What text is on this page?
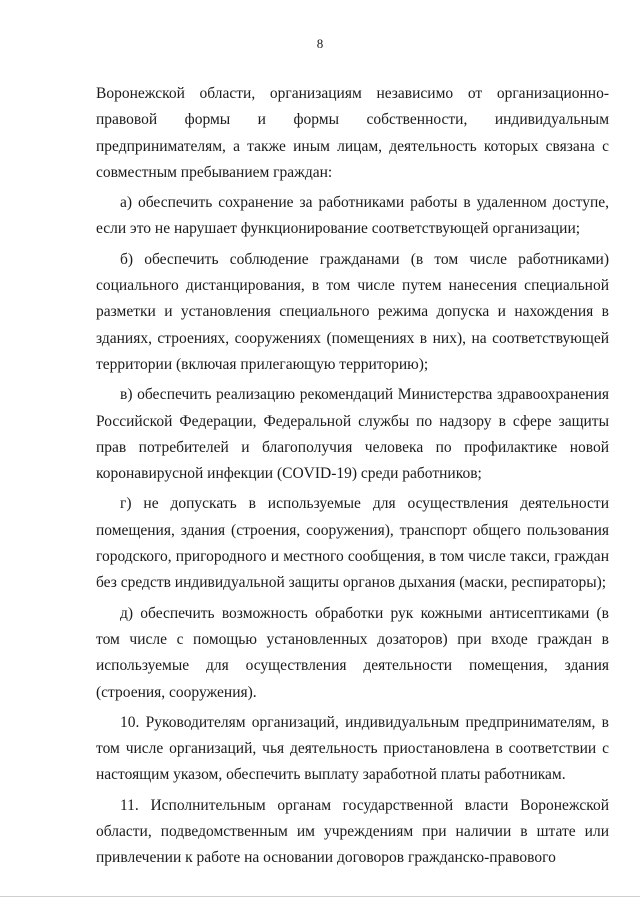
8

Воронежской области, организациям независимо от организационно-правовой формы и формы собственности, индивидуальным предпринимателям, а также иным лицам, деятельность которых связана с совместным пребыванием граждан:

а) обеспечить сохранение за работниками работы в удаленном доступе, если это не нарушает функционирование соответствующей организации;

б) обеспечить соблюдение гражданами (в том числе работниками) социального дистанцирования, в том числе путем нанесения специальной разметки и установления специального режима допуска и нахождения в зданиях, строениях, сооружениях (помещениях в них), на соответствующей территории (включая прилегающую территорию);

в) обеспечить реализацию рекомендаций Министерства здравоохранения Российской Федерации, Федеральной службы по надзору в сфере защиты прав потребителей и благополучия человека по профилактике новой коронавирусной инфекции (COVID-19) среди работников;

г) не допускать в используемые для осуществления деятельности помещения, здания (строения, сооружения), транспорт общего пользования городского, пригородного и местного сообщения, в том числе такси, граждан без средств индивидуальной защиты органов дыхания (маски, респираторы);

д) обеспечить возможность обработки рук кожными антисептиками (в том числе с помощью установленных дозаторов) при входе граждан в используемые для осуществления деятельности помещения, здания (строения, сооружения).

10. Руководителям организаций, индивидуальным предпринимателям, в том числе организаций, чья деятельность приостановлена в соответствии с настоящим указом, обеспечить выплату заработной платы работникам.

11. Исполнительным органам государственной власти Воронежской области, подведомственным им учреждениям при наличии в штате или привлечении к работе на основании договоров гражданско-правового
